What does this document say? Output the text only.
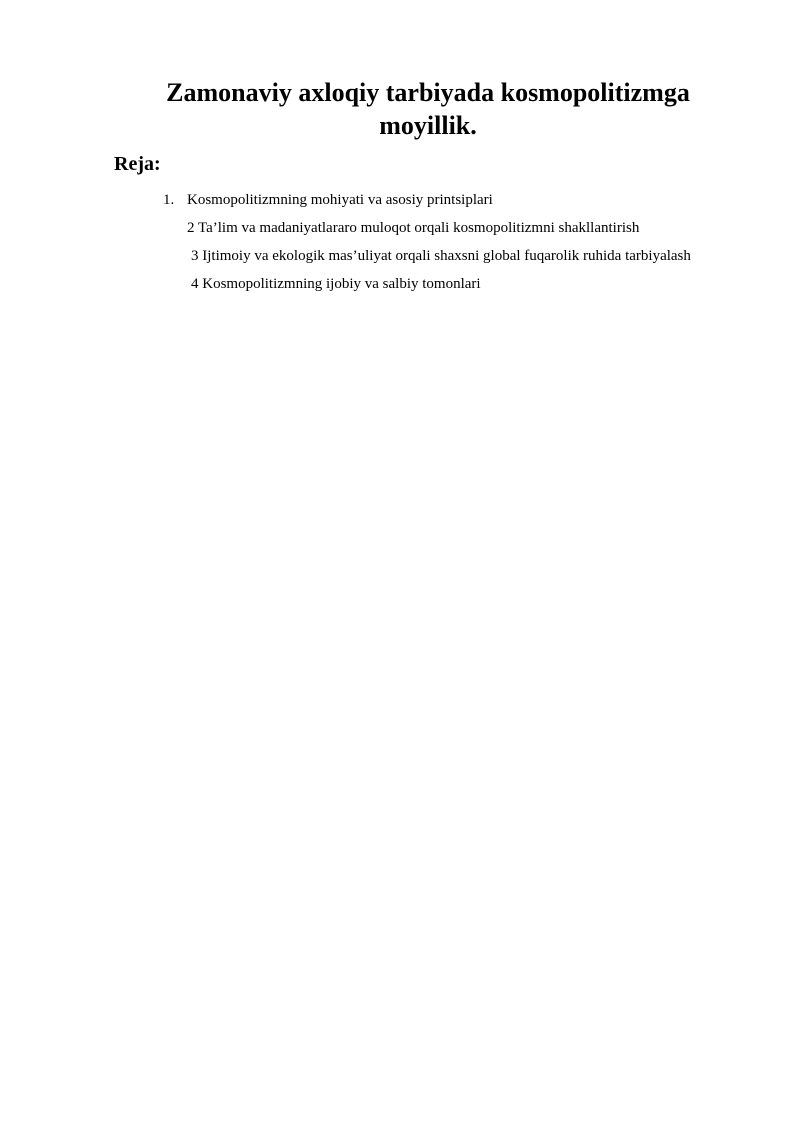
Zamonaviy axloqiy tarbiyada kosmopolitizmga moyillik.
Reja:
1. Kosmopolitizmning mohiyati va asosiy printsiplari
2 Ta’lim va madaniyatlararo muloqot orqali kosmopolitizmni shakllantirish
3 Ijtimoiy va ekologik mas’uliyat orqali shaxsni global fuqarolik ruhida tarbiyalash
4 Kosmopolitizmning ijobiy va salbiy tomonlari
